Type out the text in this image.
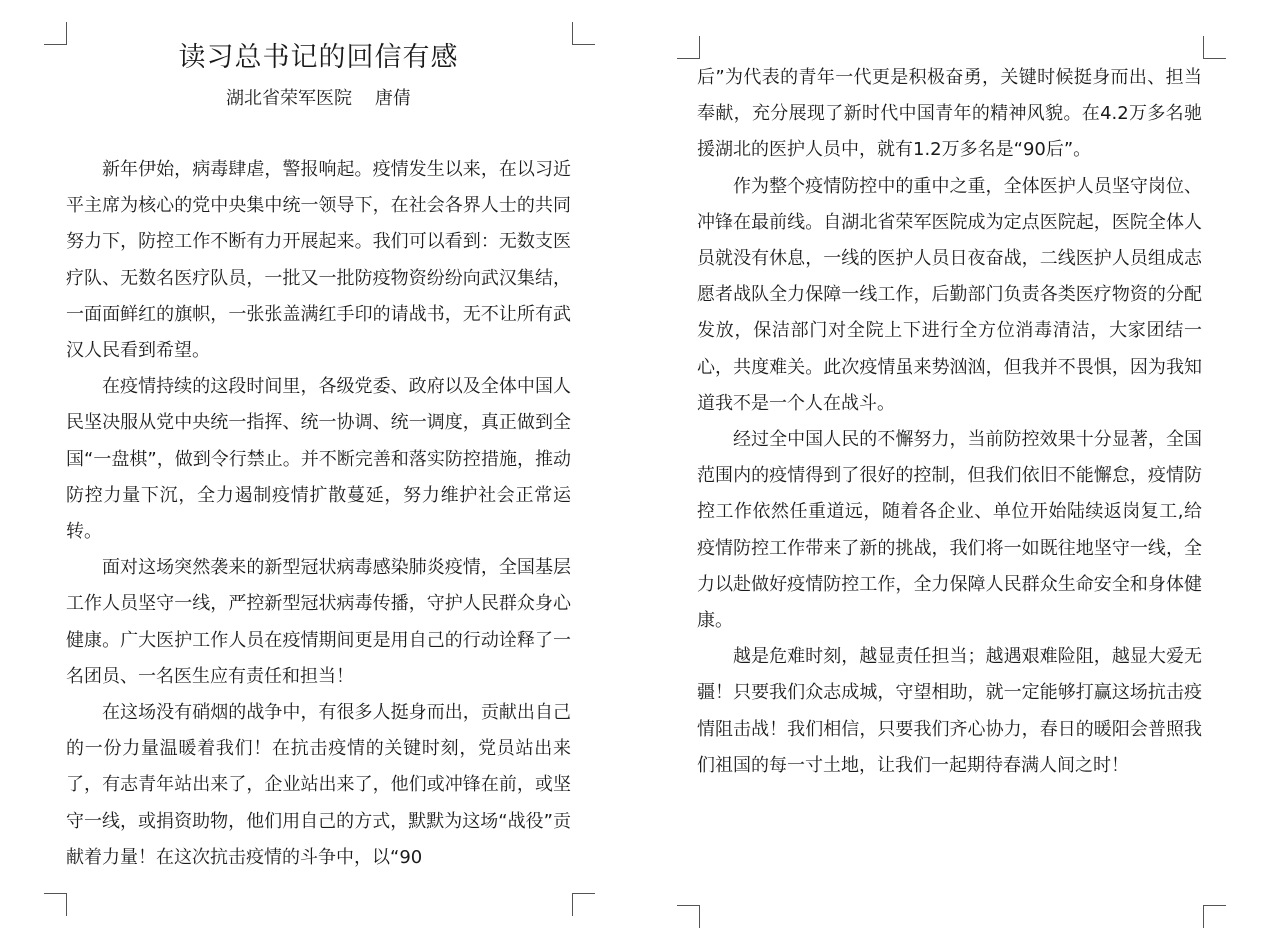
读习总书记的回信有感
湖北省荣军医院    唐倩

新年伊始，病毒肆虐，警报响起。疫情发生以来，在以习近平主席为核心的党中央集中统一领导下，在社会各界人士的共同努力下，防控工作不断有力开展起来。我们可以看到：无数支医疗队、无数名医疗队员，一批又一批防疫物资纷纷向武汉集结，一面面鲜红的旗帜，一张张盖满红手印的请战书，无不让所有武汉人民看到希望。

在疫情持续的这段时间里，各级党委、政府以及全体中国人民坚决服从党中央统一指挥、统一协调、统一调度，真正做到全国“一盘棋”，做到令行禁止。并不断完善和落实防控措施，推动防控力量下沉，全力遏制疫情扩散蔓延，努力维护社会正常运转。

面对这场突然袭来的新型冠状病毒感染肺炎疫情，全国基层工作人员坚守一线，严控新型冠状病毒传播，守护人民群众身心健康。广大医护工作人员在疫情期间更是用自己的行动诠释了一名团员、一名医生应有责任和担当！

在这场没有硝烟的战争中，有很多人挺身而出，贡献出自己的一份力量温暖着我们！在抗击疫情的关键时刻，党员站出来了，有志青年站出来了，企业站出来了，他们或冲锋在前，或坚守一线，或捐资助物，他们用自己的方式，默默为这场“战役”贡献着力量！在这次抗击疫情的斗争中，以“90

后”为代表的青年一代更是积极奋勇，关键时候挺身而出、担当奉献，充分展现了新时代中国青年的精神风貌。在4.2万多名驰援湖北的医护人员中，就有1.2万多名是“90后”。

作为整个疫情防控中的重中之重，全体医护人员坚守岗位、冲锋在最前线。自湖北省荣军医院成为定点医院起，医院全体人员就没有休息，一线的医护人员日夜奋战，二线医护人员组成志愿者战队全力保障一线工作，后勤部门负责各类医疗物资的分配发放，保洁部门对全院上下进行全方位消毒清洁，大家团结一心，共度难关。此次疫情虽来势汹汹，但我并不畏惧，因为我知道我不是一个人在战斗。

经过全中国人民的不懈努力，当前防控效果十分显著，全国范围内的疫情得到了很好的控制，但我们依旧不能懈怠，疫情防控工作依然任重道远，随着各企业、单位开始陆续返岗复工,给疫情防控工作带来了新的挑战，我们将一如既往地坚守一线，全力以赴做好疫情防控工作，全力保障人民群众生命安全和身体健康。

越是危难时刻，越显责任担当；越遇艰难险阻，越显大爱无疆！只要我们众志成城，守望相助，就一定能够打赢这场抗击疫情阻击战！我们相信，只要我们齐心协力，春日的暖阳会普照我们祖国的每一寸土地，让我们一起期待春满人间之时！
